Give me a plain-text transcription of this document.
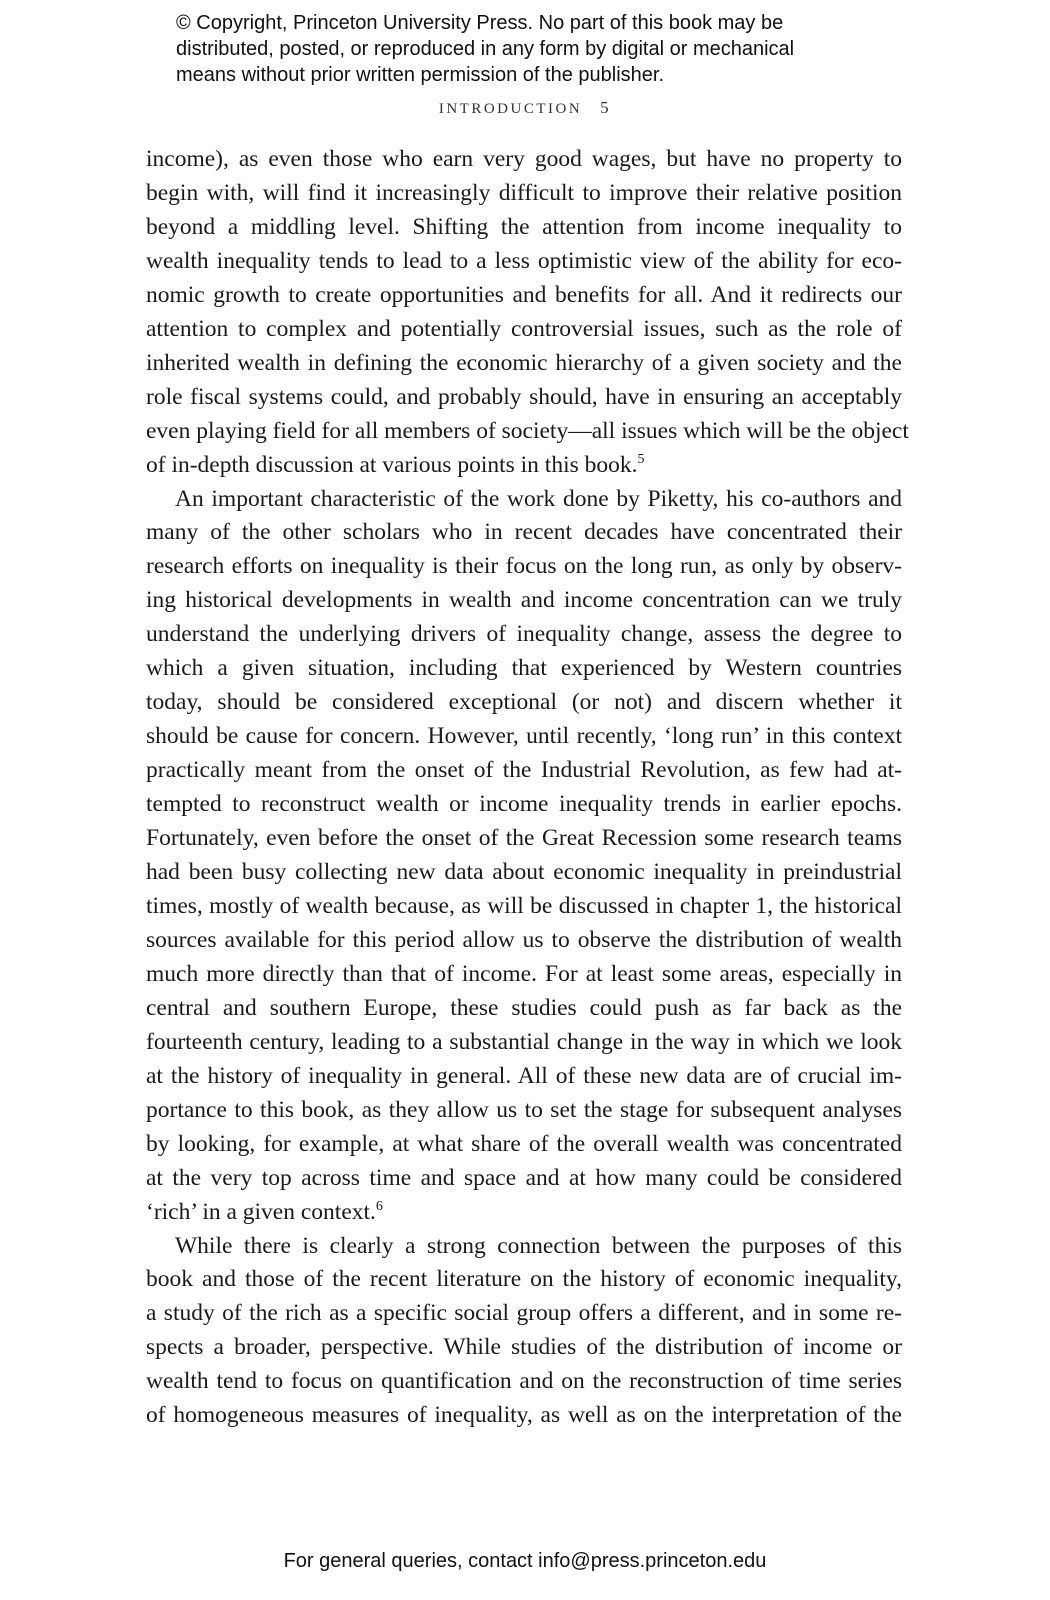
© Copyright, Princeton University Press. No part of this book may be
distributed, posted, or reproduced in any form by digital or mechanical
means without prior written permission of the publisher.
INTRODUCTION 5
income), as even those who earn very good wages, but have no property to
begin with, will find it increasingly difficult to improve their relative position
beyond a middling level. Shifting the attention from income inequality to
wealth inequality tends to lead to a less optimistic view of the ability for eco-
nomic growth to create opportunities and benefits for all. And it redirects our
attention to complex and potentially controversial issues, such as the role of
inherited wealth in defining the economic hierarchy of a given society and the
role fiscal systems could, and probably should, have in ensuring an acceptably
even playing field for all members of society—all issues which will be the object
of in-depth discussion at various points in this book.$^5$
An important characteristic of the work done by Piketty, his co-authors and
many of the other scholars who in recent decades have concentrated their
research efforts on inequality is their focus on the long run, as only by observ-
ing historical developments in wealth and income concentration can we truly
understand the underlying drivers of inequality change, assess the degree to
which a given situation, including that experienced by Western countries
today, should be considered exceptional (or not) and discern whether it
should be cause for concern. However, until recently, ‘long run’ in this context
practically meant from the onset of the Industrial Revolution, as few had at-
tempted to reconstruct wealth or income inequality trends in earlier epochs.
Fortunately, even before the onset of the Great Recession some research teams
had been busy collecting new data about economic inequality in preindustrial
times, mostly of wealth because, as will be discussed in chapter 1, the historical
sources available for this period allow us to observe the distribution of wealth
much more directly than that of income. For at least some areas, especially in
central and southern Europe, these studies could push as far back as the
fourteenth century, leading to a substantial change in the way in which we look
at the history of inequality in general. All of these new data are of crucial im-
portance to this book, as they allow us to set the stage for subsequent analyses
by looking, for example, at what share of the overall wealth was concentrated
at the very top across time and space and at how many could be considered
‘rich’ in a given context.$^6$
While there is clearly a strong connection between the purposes of this
book and those of the recent literature on the history of economic inequality,
a study of the rich as a specific social group offers a different, and in some re-
spects a broader, perspective. While studies of the distribution of income or
wealth tend to focus on quantification and on the reconstruction of time series
of homogeneous measures of inequality, as well as on the interpretation of the
For general queries, contact info@press.princeton.edu
